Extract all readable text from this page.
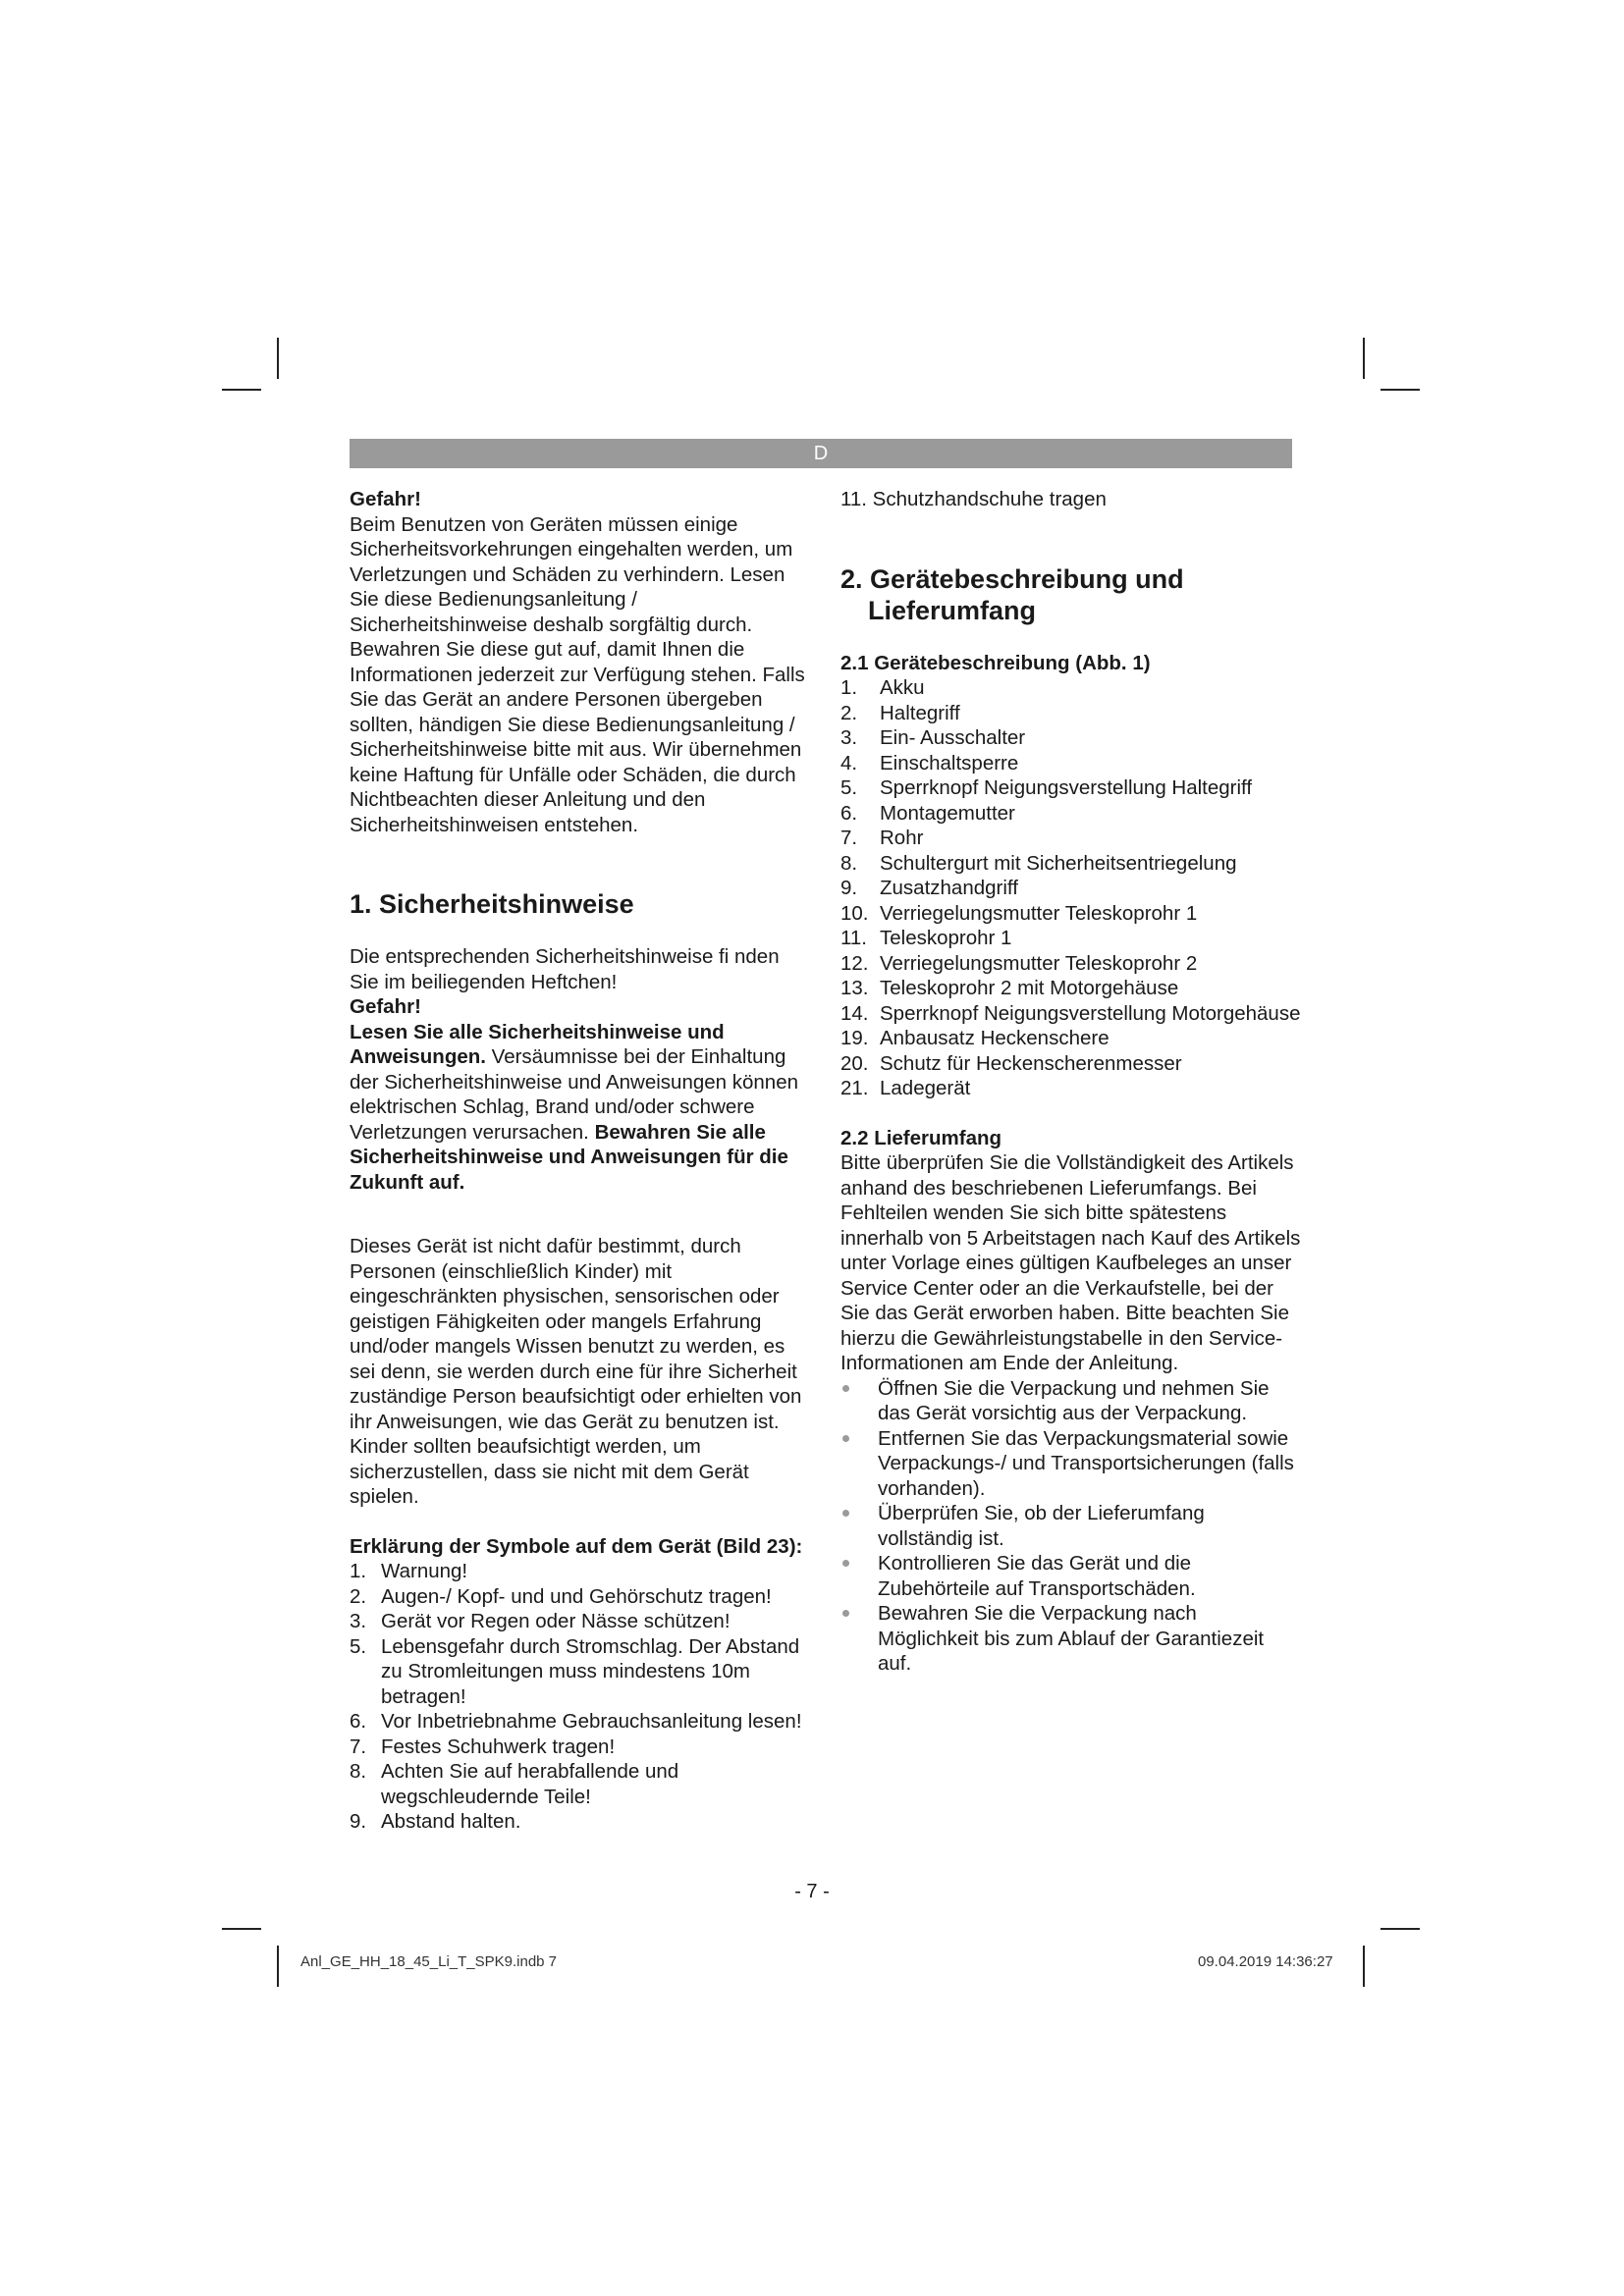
D

Gefahr!

Beim Benutzen von Geräten müssen einige Sicherheitsvorkehrungen eingehalten werden, um Verletzungen und Schäden zu verhindern. Lesen Sie diese Bedienungsanleitung / Sicherheitshinweise deshalb sorgfältig durch. Bewahren Sie diese gut auf, damit Ihnen die Informationen jederzeit zur Verfügung stehen. Falls Sie das Gerät an andere Personen übergeben sollten, händigen Sie diese Bedienungsanleitung / Sicherheitshinweise bitte mit aus. Wir übernehmen keine Haftung für Unfälle oder Schäden, die durch Nichtbeachten dieser Anleitung und den Sicherheitshinweisen entstehen.

1. Sicherheitshinweise

Die entsprechenden Sicherheitshinweise fi nden Sie im beiliegenden Heftchen!

Gefahr!

Lesen Sie alle Sicherheitshinweise und Anweisungen. Versäumnisse bei der Einhaltung der Sicherheitshinweise und Anweisungen können elektrischen Schlag, Brand und/oder schwere Verletzungen verursachen. Bewahren Sie alle Sicherheitshinweise und Anweisungen für die Zukunft auf.

Dieses Gerät ist nicht dafür bestimmt, durch Personen (einschließlich Kinder) mit eingeschränkten physischen, sensorischen oder geistigen Fähigkeiten oder mangels Erfahrung und/oder mangels Wissen benutzt zu werden, es sei denn, sie werden durch eine für ihre Sicherheit zuständige Person beaufsichtigt oder erhielten von ihr Anweisungen, wie das Gerät zu benutzen ist. Kinder sollten beaufsichtigt werden, um sicherzustellen, dass sie nicht mit dem Gerät spielen.

Erklärung der Symbole auf dem Gerät (Bild 23):

1. Warnung!
2. Augen-/ Kopf- und und Gehörschutz tragen!
3. Gerät vor Regen oder Nässe schützen!
5. Lebensgefahr durch Stromschlag. Der Abstand zu Stromleitungen muss mindestens 10m betragen!
6. Vor Inbetriebnahme Gebrauchsanleitung lesen!
7. Festes Schuhwerk tragen!
8. Achten Sie auf herabfallende und wegschleudernde Teile!
9. Abstand halten.

11. Schutzhandschuhe tragen

2. Gerätebeschreibung und Lieferumfang

2.1 Gerätebeschreibung (Abb. 1)

1. Akku
2. Haltegriff
3. Ein- Ausschalter
4. Einschaltsperre
5. Sperrknopf Neigungsverstellung Haltegriff
6. Montagemutter
7. Rohr
8. Schultergurt mit Sicherheitsentriegelung
9. Zusatzhandgriff
10. Verriegelungsmutter Teleskoprohr 1
11. Teleskoprohr 1
12. Verriegelungsmutter Teleskoprohr 2
13. Teleskoprohr 2 mit Motorgehäuse
14. Sperrknopf Neigungsverstellung Motorgehäuse
19. Anbausatz Heckenschere
20. Schutz für Heckenscherenmesser
21. Ladegerät

2.2 Lieferumfang

Bitte überprüfen Sie die Vollständigkeit des Artikels anhand des beschriebenen Lieferumfangs. Bei Fehlteilen wenden Sie sich bitte spätestens innerhalb von 5 Arbeitstagen nach Kauf des Artikels unter Vorlage eines gültigen Kaufbeleges an unser Service Center oder an die Verkaufstelle, bei der Sie das Gerät erworben haben. Bitte beachten Sie hierzu die Gewährleistungstabelle in den Service-Informationen am Ende der Anleitung.

Öffnen Sie die Verpackung und nehmen Sie das Gerät vorsichtig aus der Verpackung.
Entfernen Sie das Verpackungsmaterial sowie Verpackungs-/ und Transportsicherungen (falls vorhanden).
Überprüfen Sie, ob der Lieferumfang vollständig ist.
Kontrollieren Sie das Gerät und die Zubehörteile auf Transportschäden.
Bewahren Sie die Verpackung nach Möglichkeit bis zum Ablauf der Garantiezeit auf.
- 7 -
Anl_GE_HH_18_45_Li_T_SPK9.indb 7	09.04.2019 14:36:27
